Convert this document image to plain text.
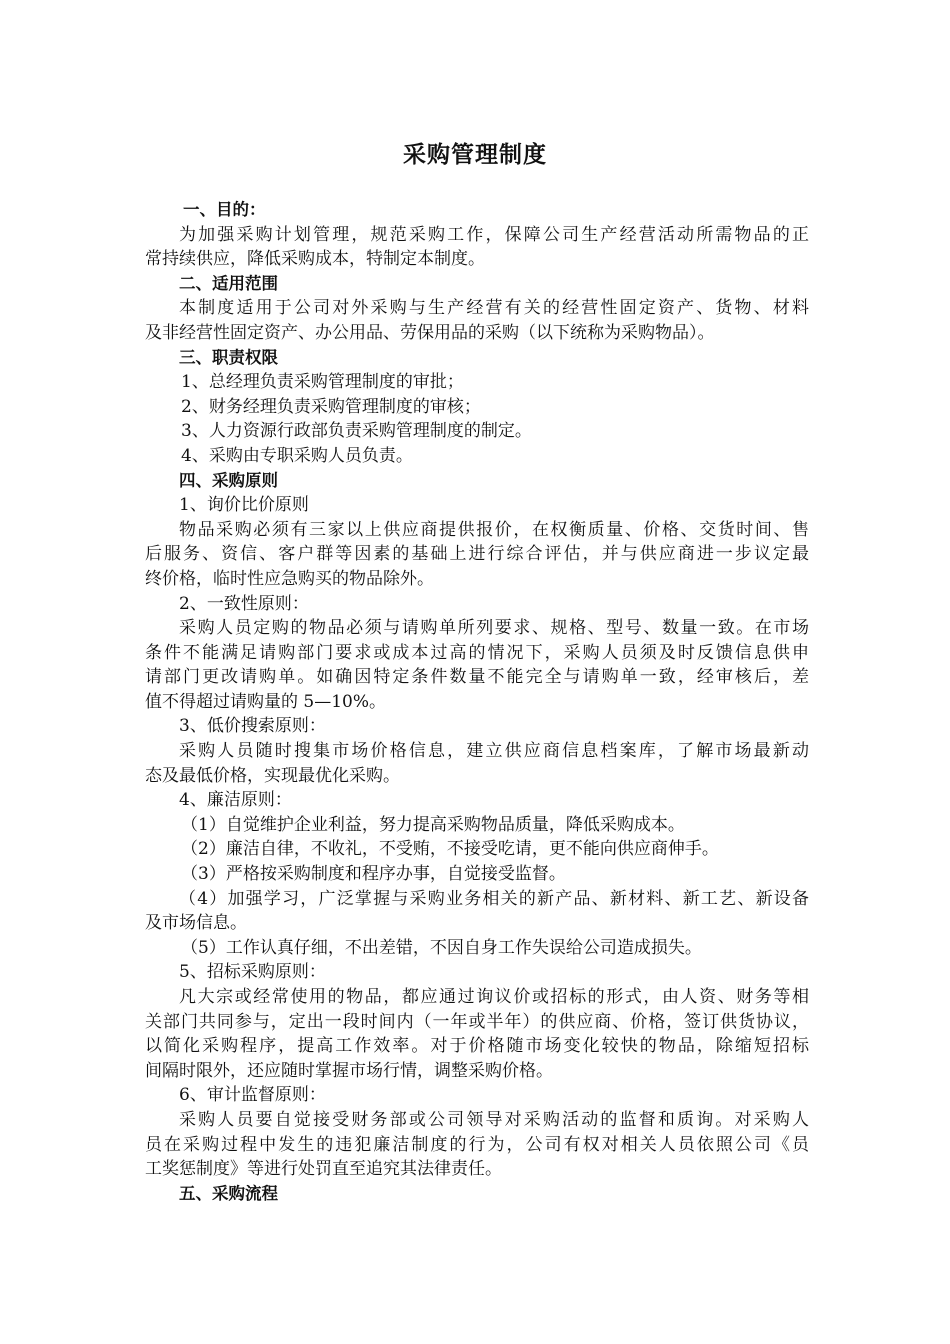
采购管理制度
一、目的：
为加强采购计划管理，规范采购工作，保障公司生产经营活动所需物品的正
常持续供应，降低采购成本，特制定本制度。
二、适用范围
本制度适用于公司对外采购与生产经营有关的经营性固定资产、货物、材料
及非经营性固定资产、办公用品、劳保用品的采购（以下统称为采购物品）。
三、职责权限
1、总经理负责采购管理制度的审批；
2、财务经理负责采购管理制度的审核；
3、人力资源行政部负责采购管理制度的制定。
4、采购由专职采购人员负责。
四、采购原则
1、询价比价原则
物品采购必须有三家以上供应商提供报价，在权衡质量、价格、交货时间、售
后服务、资信、客户群等因素的基础上进行综合评估，并与供应商进一步议定最
终价格，临时性应急购买的物品除外。
2、一致性原则：
采购人员定购的物品必须与请购单所列要求、规格、型号、数量一致。在市场
条件不能满足请购部门要求或成本过高的情况下，采购人员须及时反馈信息供申
请部门更改请购单。如确因特定条件数量不能完全与请购单一致，经审核后，差
值不得超过请购量的 5—10%。
3、低价搜索原则：
采购人员随时搜集市场价格信息，建立供应商信息档案库，了解市场最新动
态及最低价格，实现最优化采购。
4、廉洁原则：
（1）自觉维护企业利益，努力提高采购物品质量，降低采购成本。
（2）廉洁自律，不收礼，不受贿，不接受吃请，更不能向供应商伸手。
（3）严格按采购制度和程序办事，自觉接受监督。
（4）加强学习，广泛掌握与采购业务相关的新产品、新材料、新工艺、新设备
及市场信息。
（5）工作认真仔细，不出差错，不因自身工作失误给公司造成损失。
5、招标采购原则：
凡大宗或经常使用的物品，都应通过询议价或招标的形式，由人资、财务等相
关部门共同参与，定出一段时间内（一年或半年）的供应商、价格，签订供货协议，
以简化采购程序，提高工作效率。对于价格随市场变化较快的物品，除缩短招标
间隔时限外，还应随时掌握市场行情，调整采购价格。
6、审计监督原则：
采购人员要自觉接受财务部或公司领导对采购活动的监督和质询。对采购人
员在采购过程中发生的违犯廉洁制度的行为，公司有权对相关人员依照公司《员
工奖惩制度》等进行处罚直至追究其法律责任。
五、采购流程
